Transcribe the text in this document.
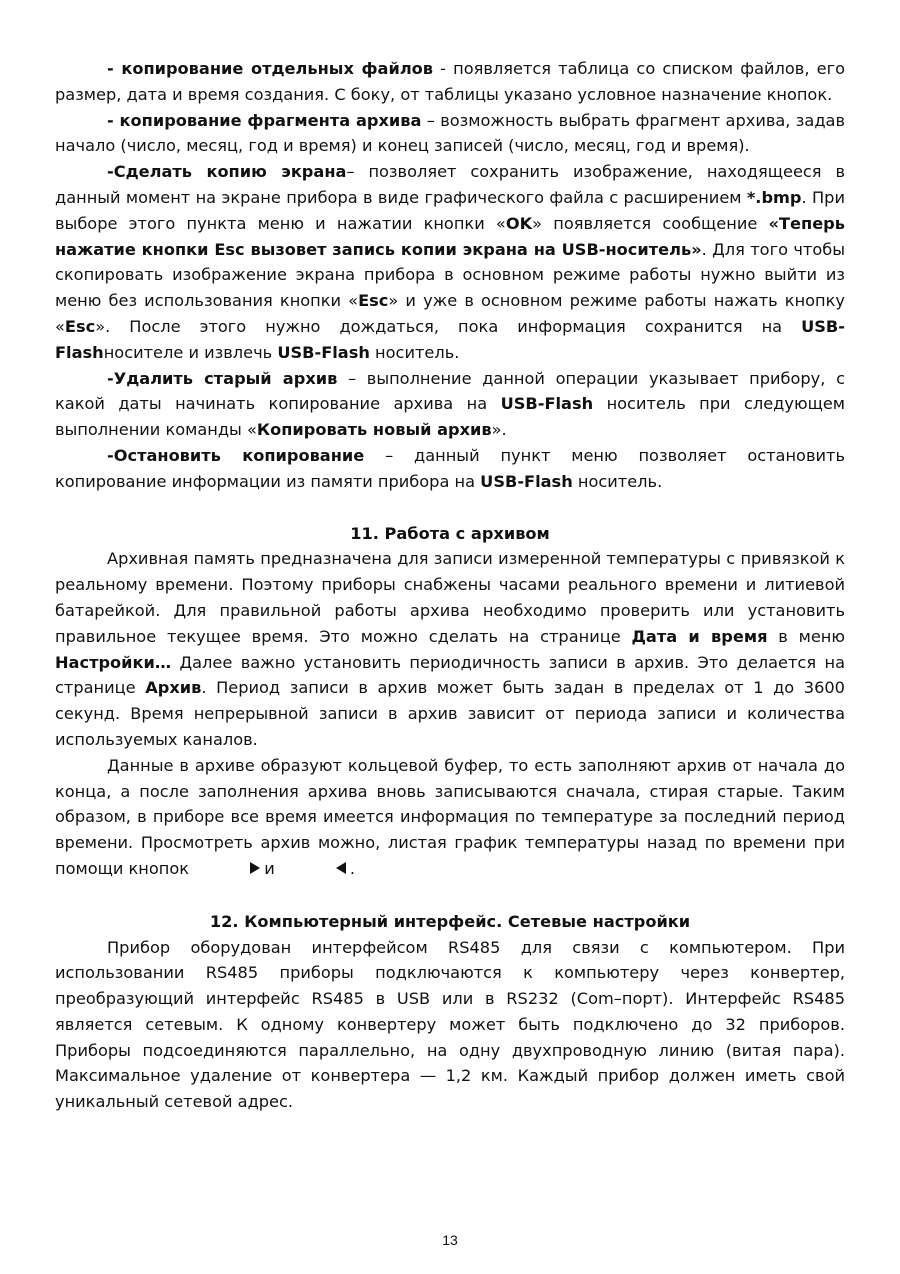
- копирование отдельных файлов - появляется таблица со списком файлов, его размер, дата и время создания. С боку, от таблицы указано условное назначение кнопок.

- копирование фрагмента архива – возможность выбрать фрагмент архива, задав начало (число, месяц, год и время) и конец записей (число, месяц, год и время).

-Сделать копию экрана– позволяет сохранить изображение, находящееся в данный момент на экране прибора в виде графического файла с расширением *.bmp. При выборе этого пункта меню и нажатии кнопки «OK» появляется сообщение «Теперь нажатие кнопки Esc вызовет запись копии экрана на USB-носитель». Для того чтобы скопировать изображение экрана прибора в основном режиме работы нужно выйти из меню без использования кнопки «Esc» и уже в основном режиме работы нажать кнопку «Esc». После этого нужно дождаться, пока информация сохранится на USB-Flashносителе и извлечь USB-Flash носитель.

-Удалить старый архив – выполнение данной операции указывает прибору, с какой даты начинать копирование архива на USB-Flash носитель при следующем выполнении команды «Копировать новый архив».

-Остановить копирование – данный пункт меню позволяет остановить копирование информации из памяти прибора на USB-Flash носитель.

11. Работа с архивом

Архивная память предназначена для записи измеренной температуры с привязкой к реальному времени. Поэтому приборы снабжены часами реального времени и литиевой батарейкой. Для правильной работы архива необходимо проверить или установить правильное текущее время. Это можно сделать на странице Дата и время в меню Настройки… Далее важно установить периодичность записи в архив. Это делается на странице Архив. Период записи в архив может быть задан в пределах от 1 до 3600 секунд. Время непрерывной записи в архив зависит от периода записи и количества используемых каналов.

Данные в архиве образуют кольцевой буфер, то есть заполняют архив от начала до конца, а после заполнения архива вновь записываются сначала, стирая старые. Таким образом, в приборе все время имеется информация по температуре за последний период времени. Просмотреть архив можно, листая график температуры назад по времени при помощи кнопок	и	.

12. Компьютерный интерфейс. Сетевые настройки

Прибор оборудован интерфейсом RS485 для связи с компьютером. При использовании RS485 приборы подключаются к компьютеру через конвертер, преобразующий интерфейс RS485 в USB или в RS232 (Com–порт). Интерфейс RS485 является сетевым. К одному конвертеру может быть подключено до 32 приборов. Приборы подсоединяются параллельно, на одну двухпроводную линию (витая пара). Максимальное удаление от конвертера — 1,2 км. Каждый прибор должен иметь свой уникальный сетевой адрес.

13
